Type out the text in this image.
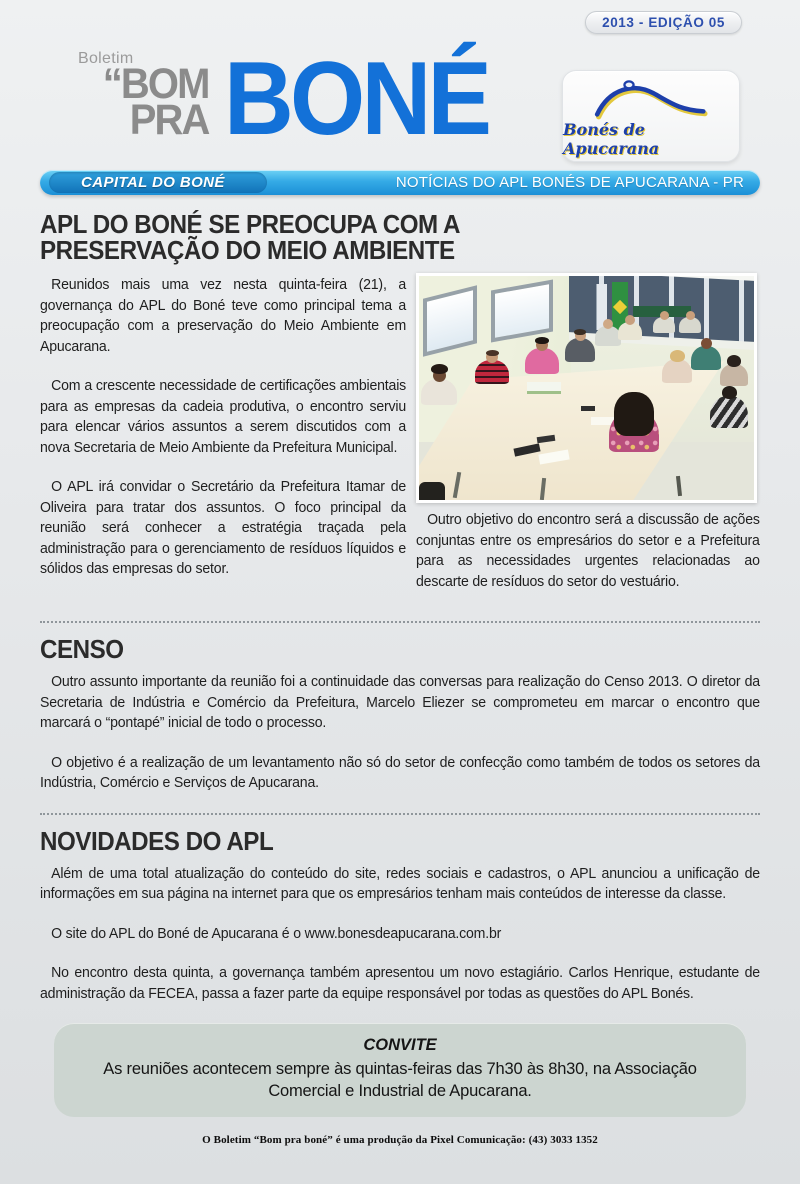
2013 - EDIÇÃO 05
Boletim
“BOM
PRA BONÉ	Bonés de Apucarana
CAPITAL DO BONÉ	NOTÍCIAS DO APL BONÉS DE APUCARANA - PR
APL DO BONÉ SE PREOCUPA COM A
PRESERVAÇÃO DO MEIO AMBIENTE

Reunidos mais uma vez nesta quinta-feira (21), a governança do APL do Boné teve como principal tema a preocupação com a preservação do Meio Ambiente em Apucarana.

Com a crescente necessidade de certificações ambientais para as empresas da cadeia produtiva, o encontro serviu para elencar vários assuntos a serem discutidos com a nova Secretaria de Meio Ambiente da Prefeitura Municipal.

O APL irá convidar o Secretário da Prefeitura Itamar de Oliveira para tratar dos assuntos. O foco principal da reunião será conhecer a estratégia traçada pela administração para o gerenciamento de resíduos líquidos e sólidos das empresas do setor.

Outro objetivo do encontro será a discussão de ações conjuntas entre os empresários do setor e a Prefeitura para as necessidades urgentes relacionadas ao descarte de resíduos do setor do vestuário.

CENSO

Outro assunto importante da reunião foi a continuidade das conversas para realização do Censo 2013. O diretor da Secretaria de Indústria e Comércio da Prefeitura, Marcelo Eliezer se comprometeu em marcar o encontro que marcará o “pontapé” inicial de todo o processo.

O objetivo é a realização de um levantamento não só do setor de confecção como também de todos os setores da Indústria, Comércio e Serviços de Apucarana.

NOVIDADES DO APL

Além de uma total atualização do conteúdo do site, redes sociais e cadastros, o APL anunciou a unificação de informações em sua página na internet para que os empresários tenham mais conteúdos de interesse da classe.

O site do APL do Boné de Apucarana é o www.bonesdeapucarana.com.br

No encontro desta quinta, a governança também apresentou um novo estagiário. Carlos Henrique, estudante de administração da FECEA, passa a fazer parte da equipe responsável por todas as questões do APL Bonés.

CONVITE
As reuniões acontecem sempre às quintas-feiras das 7h30 às 8h30, na Associação Comercial e Industrial de Apucarana.
O Boletim “Bom pra boné” é uma produção da Pixel Comunicação: (43) 3033 1352
